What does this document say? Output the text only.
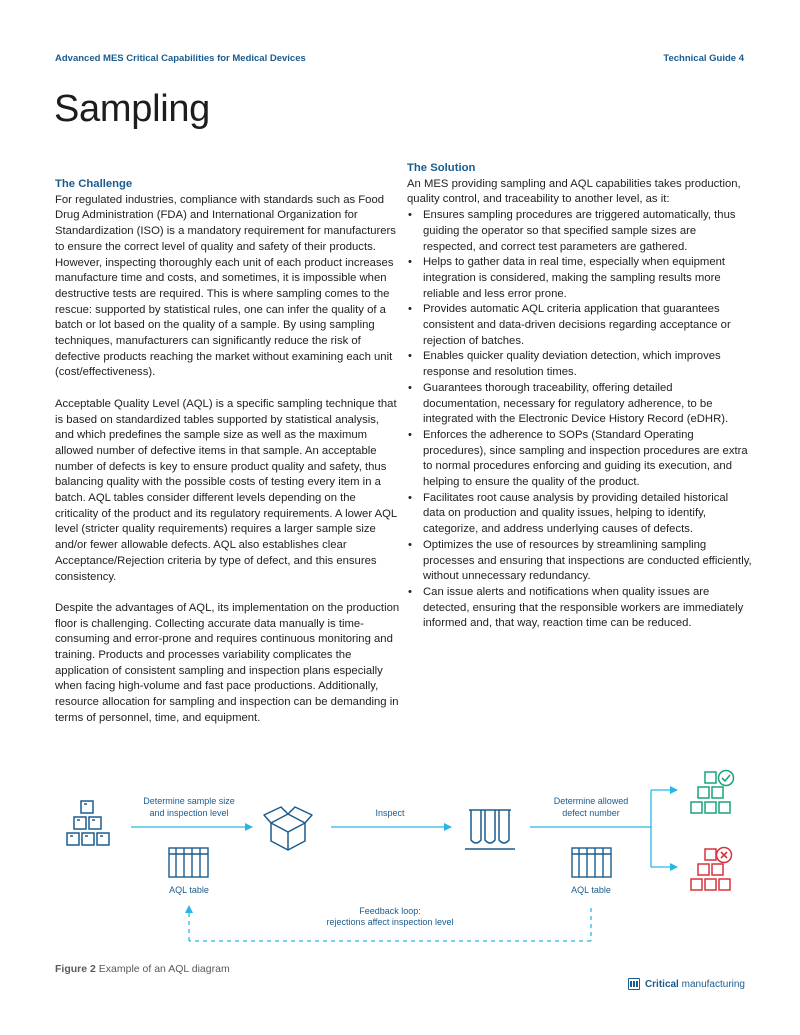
Advanced MES Critical Capabilities for Medical Devices	Technical Guide 4
Sampling
The Challenge

For regulated industries, compliance with standards such as Food Drug Administration (FDA) and International Organization for Standardization (ISO) is a mandatory requirement for manufacturers to ensure the correct level of quality and safety of their products. However, inspecting thoroughly each unit of each product increases manufacture time and costs, and sometimes, it is impossible when destructive tests are required. This is where sampling comes to the rescue: supported by statistical rules, one can infer the quality of a batch or lot based on the quality of a sample. By using sampling techniques, manufacturers can significantly reduce the risk of defective products reaching the market without examining each unit (cost/effectiveness).

Acceptable Quality Level (AQL) is a specific sampling technique that is based on standardized tables supported by statistical analysis, and which predefines the sample size as well as the maximum allowed number of defective items in that sample. An acceptable number of defects is key to ensure product quality and safety, thus balancing quality with the possible costs of testing every item in a batch. AQL tables consider different levels depending on the criticality of the product and its regulatory requirements. A lower AQL level (stricter quality requirements) requires a larger sample size and/or fewer allowable defects. AQL also establishes clear Acceptance/Rejection criteria by type of defect, and this ensures consistency.

Despite the advantages of AQL, its implementation on the production floor is challenging. Collecting accurate data manually is time-consuming and error-prone and requires continuous monitoring and training. Products and processes variability complicates the application of consistent sampling and inspection plans especially when facing high-volume and fast pace productions. Additionally, resource allocation for sampling and inspection can be demanding in terms of personnel, time, and equipment.

The Solution

An MES providing sampling and AQL capabilities takes production, quality control, and traceability to another level, as it:

• Ensures sampling procedures are triggered automatically, thus guiding the operator so that specified sample sizes are respected, and correct test parameters are gathered.
• Helps to gather data in real time, especially when equipment integration is considered, making the sampling results more reliable and less error prone.
• Provides automatic AQL criteria application that guarantees consistent and data-driven decisions regarding acceptance or rejection of batches.
• Enables quicker quality deviation detection, which improves response and resolution times.
• Guarantees thorough traceability, offering detailed documentation, necessary for regulatory adherence, to be integrated with the Electronic Device History Record (eDHR).
• Enforces the adherence to SOPs (Standard Operating procedures), since sampling and inspection procedures are extra to normal procedures enforcing and guiding its execution, and helping to ensure the quality of the product.
• Facilitates root cause analysis by providing detailed historical data on production and quality issues, helping to identify, categorize, and address underlying causes of defects.
• Optimizes the use of resources by streamlining sampling processes and ensuring that inspections are conducted efficiently, without unnecessary redundancy.
• Can issue alerts and notifications when quality issues are detected, ensuring that the responsible workers are immediately informed and, that way, reaction time can be reduced.
Determine sample size
and inspection level	Inspect
Determine allowed
defect number
AQL table	AQL table
Feedback loop:
rejections affect inspection level
Figure 2 Example of an AQL diagram
Critical manufacturing
